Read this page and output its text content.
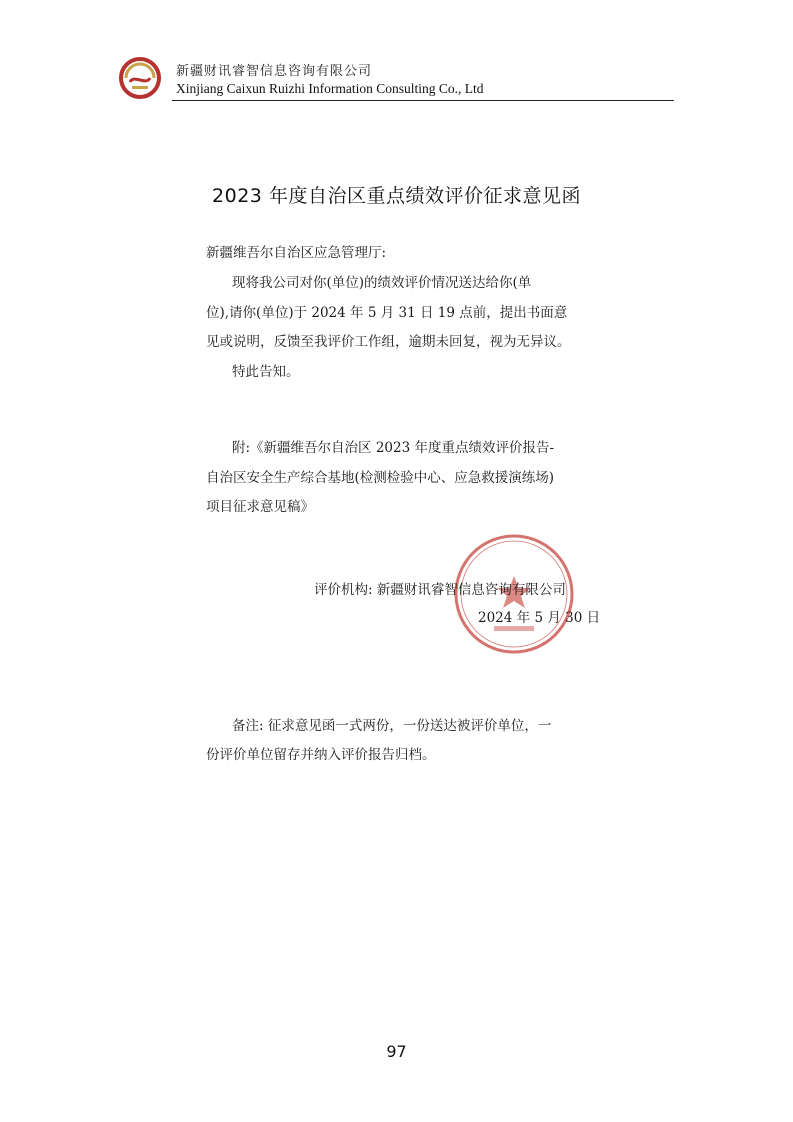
新疆财讯睿智信息咨询有限公司
Xinjiang Caixun Ruizhi Information Consulting Co., Ltd
2023 年度自治区重点绩效评价征求意见函
新疆维吾尔自治区应急管理厅:
现将我公司对你(单位)的绩效评价情况送达给你(单
位),请你(单位)于 2024 年 5 月 31 日 19 点前，提出书面意
见或说明，反馈至我评价工作组，逾期未回复，视为无异议。
特此告知。
附:《新疆维吾尔自治区 2023 年度重点绩效评价报告-
自治区安全生产综合基地(检测检验中心、应急救援演练场)
项目征求意见稿》
评价机构: 新疆财讯睿智信息咨询有限公司
2024 年 5 月 30 日
备注: 征求意见函一式两份，一份送达被评价单位，一
份评价单位留存并纳入评价报告归档。
97
